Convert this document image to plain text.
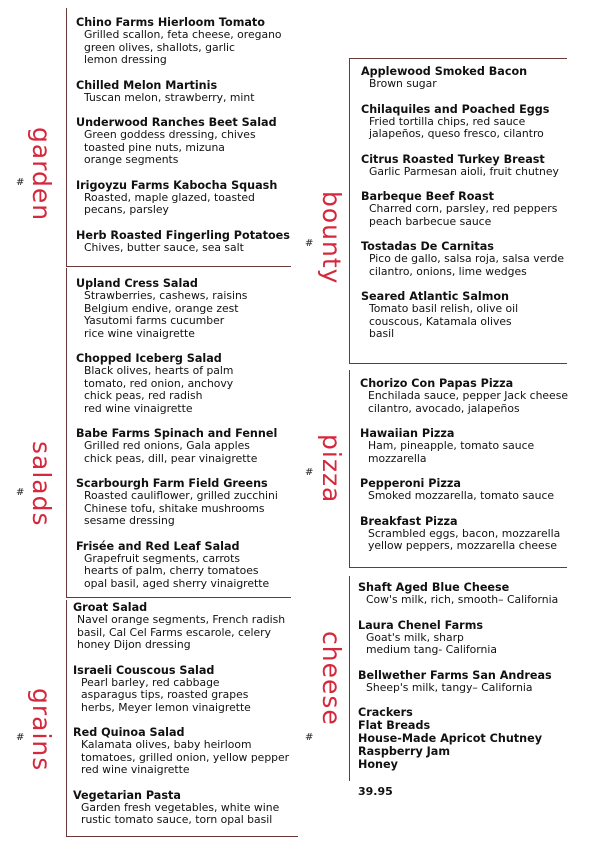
garden
#
salads
#
grains
#
bounty
#
pizza
#
cheese
#
Chino Farms Hierloom Tomato
Grilled scallon, feta cheese, oregano
green olives, shallots, garlic
lemon dressing
Chilled Melon Martinis
Tuscan melon, strawberry, mint
Underwood Ranches Beet Salad
Green goddess dressing, chives
toasted pine nuts, mizuna
orange segments
Irigoyzu Farms Kabocha Squash
Roasted, maple glazed, toasted
pecans, parsley
Herb Roasted Fingerling Potatoes
Chives, butter sauce, sea salt
Upland Cress Salad
Strawberries, cashews, raisins
Belgium endive, orange zest
Yasutomi farms cucumber
rice wine vinaigrette
Chopped Iceberg Salad
Black olives, hearts of palm
tomato, red onion, anchovy
chick peas, red radish
red wine vinaigrette
Babe Farms Spinach and Fennel
Grilled red onions, Gala apples
chick peas, dill, pear vinaigrette
Scarbourgh Farm Field Greens
Roasted cauliflower, grilled zucchini
Chinese tofu, shitake mushrooms
sesame dressing
Frisée and Red Leaf Salad
Grapefruit segments, carrots
hearts of palm, cherry tomatoes
opal basil, aged sherry vinaigrette
Groat Salad
Navel orange segments, French radish
basil, Cal Cel Farms escarole, celery
honey Dijon dressing
Israeli Couscous Salad
Pearl barley, red cabbage
asparagus tips, roasted grapes
herbs, Meyer lemon vinaigrette
Red Quinoa Salad
Kalamata olives, baby heirloom
tomatoes, grilled onion, yellow pepper
red wine vinaigrette
Vegetarian Pasta
Garden fresh vegetables, white wine
rustic tomato sauce, torn opal basil
Applewood Smoked Bacon
Brown sugar
Chilaquiles and Poached Eggs
Fried tortilla chips, red sauce
jalapeños, queso fresco, cilantro
Citrus Roasted Turkey Breast
Garlic Parmesan aioli, fruit chutney
Barbeque Beef Roast
Charred corn, parsley, red peppers
peach barbecue sauce
Tostadas De Carnitas
Pico de gallo, salsa roja, salsa verde
cilantro, onions, lime wedges
Seared Atlantic Salmon
Tomato basil relish, olive oil
couscous, Katamala olives
basil
Chorizo Con Papas Pizza
Enchilada sauce, pepper Jack cheese
cilantro, avocado, jalapeños
Hawaiian Pizza
Ham, pineapple, tomato sauce
mozzarella
Pepperoni Pizza
Smoked mozzarella, tomato sauce
Breakfast Pizza
Scrambled eggs, bacon, mozzarella
yellow peppers, mozzarella cheese
Shaft Aged Blue Cheese
Cow's milk, rich, smooth– California
Laura Chenel Farms
Goat's milk, sharp
medium tang- California
Bellwether Farms San Andreas
Sheep's milk, tangy– California
Crackers
Flat Breads
House-Made Apricot Chutney
Raspberry Jam
Honey
39.95
